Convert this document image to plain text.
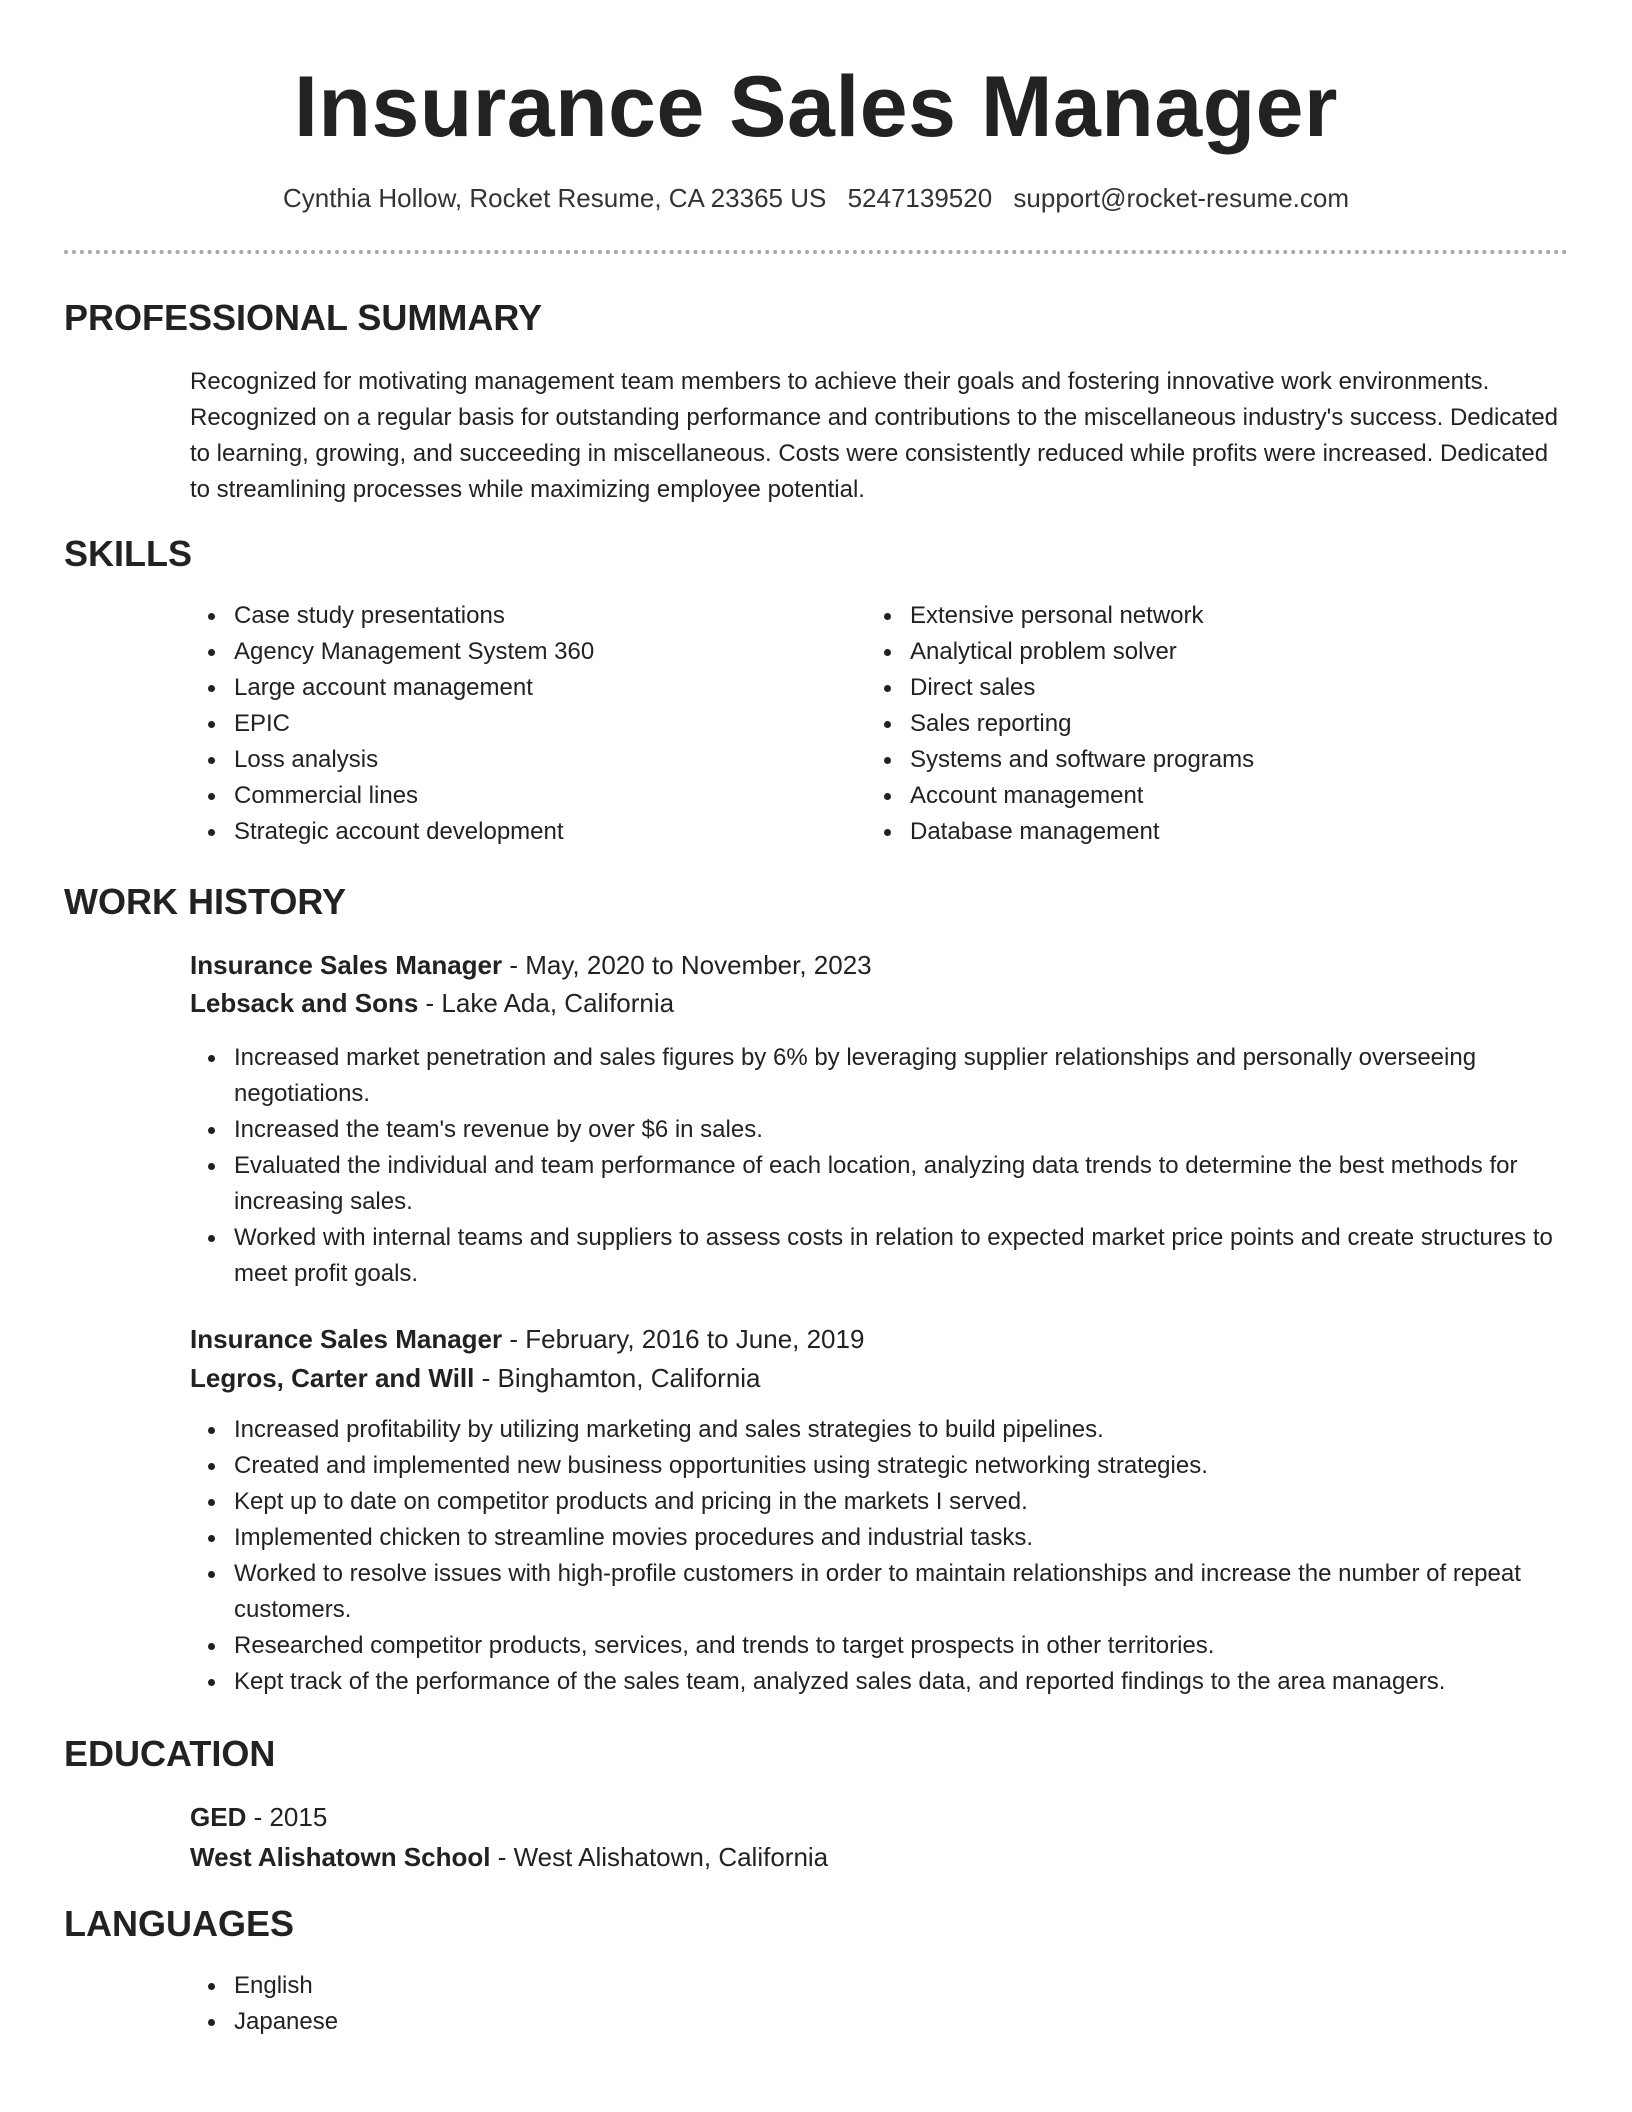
Insurance Sales Manager
Cynthia Hollow, Rocket Resume, CA 23365 US 5247139520 support@rocket-resume.com
PROFESSIONAL SUMMARY
Recognized for motivating management team members to achieve their goals and fostering innovative work environments. Recognized on a regular basis for outstanding performance and contributions to the miscellaneous industry's success. Dedicated to learning, growing, and succeeding in miscellaneous. Costs were consistently reduced while profits were increased. Dedicated to streamlining processes while maximizing employee potential.
SKILLS
Case study presentations
Agency Management System 360
Large account management
EPIC
Loss analysis
Commercial lines
Strategic account development
Extensive personal network
Analytical problem solver
Direct sales
Sales reporting
Systems and software programs
Account management
Database management
WORK HISTORY
Insurance Sales Manager - May, 2020 to November, 2023
Lebsack and Sons - Lake Ada, California
Increased market penetration and sales figures by 6% by leveraging supplier relationships and personally overseeing negotiations.
Increased the team's revenue by over $6 in sales.
Evaluated the individual and team performance of each location, analyzing data trends to determine the best methods for increasing sales.
Worked with internal teams and suppliers to assess costs in relation to expected market price points and create structures to meet profit goals.
Insurance Sales Manager - February, 2016 to June, 2019
Legros, Carter and Will - Binghamton, California
Increased profitability by utilizing marketing and sales strategies to build pipelines.
Created and implemented new business opportunities using strategic networking strategies.
Kept up to date on competitor products and pricing in the markets I served.
Implemented chicken to streamline movies procedures and industrial tasks.
Worked to resolve issues with high-profile customers in order to maintain relationships and increase the number of repeat customers.
Researched competitor products, services, and trends to target prospects in other territories.
Kept track of the performance of the sales team, analyzed sales data, and reported findings to the area managers.
EDUCATION
GED - 2015
West Alishatown School - West Alishatown, California
LANGUAGES
English
Japanese
